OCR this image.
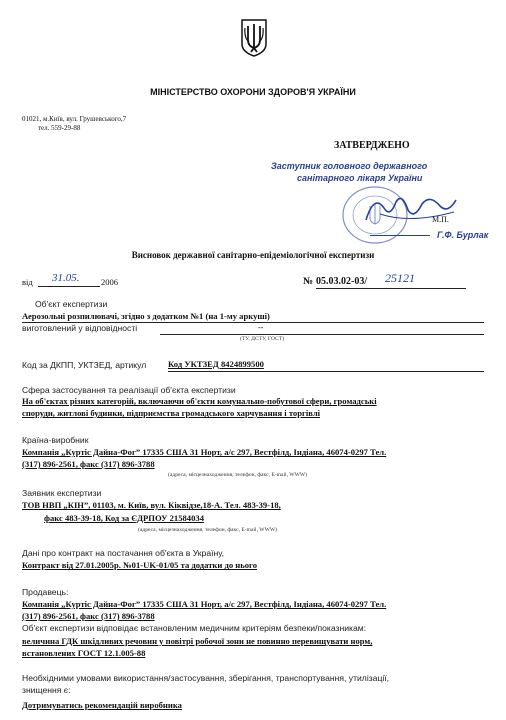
МІНІСТЕРСТВО ОХОРОНИ ЗДОРОВ'Я УКРАЇНИ
01021, м.Київ, вул. Грушевського,7
тел. 559-29-88
ЗАТВЕРДЖЕНО
Заступник головного державного
санітарного лікаря України
М.П.
Г.Ф. Бурлак
Висновок державної санітарно-епідеміологічної експертизи
від 31.05.	2006	№ 05.03.02-03/ 25121
Об'єкт експертизи
Аерозольні розпилювачі, згідно з додатком №1 (на 1-му аркуші)
виготовлений у відповідності	--
(ТУ, ДСТУ, ГОСТ)
Код за ДКПП, УКТЗЕД, артикул	Код УКТЗЕД 8424899500
Сфера застосування та реалізації об'єкта експертизи
На об'єктах різних категорій, включаючи об'єкти комунально-побутової сфери, громадські
споруди, житлові будинки, підприємства громадського харчування і торгівлі
Країна-виробник
Компанія „Куртіс Дайна-Фог” 17335 США 31 Норт, а/с 297, Вестфілд, Індіана, 46074-0297 Тел.
(317) 896-2561, факс (317) 896-3788
(адреса, місцезнаходження, телефон, факс, E-mail, WWW)
Заявник експертизи
ТОВ НВП „КІН”, 01103, м. Київ, вул. Кіквідзе,18-А. Тел. 483-39-18,
факс 483-39-18, Код за ЄДРПОУ 21584034
(адреса, місцезнаходження, телефон, факс, E-mail, WWW)
Дані про контракт на постачання об'єкта в Україну,
Контракт від 27.01.2005р. №01-UK-01/05 та додатки до нього
Продавець:
Компанія „Куртіс Дайна-Фог” 17335 США 31 Норт, а/с 297, Вестфілд, Індіана, 46074-0297 Тел.
(317) 896-2561, факс (317) 896-3788
Об'єкт експертизи відповідає встановленим медичним критеріям безпеки/показникам:
величина ГДК шкідливих речовин у повітрі робочої зони не повинно перевищувати норм,
встановлених ГОСТ 12.1.005-88
Необхідними умовами використання/застосування, зберігання, транспортування, утилізації,
знищення є:
Дотримуватись рекомендацій виробника
